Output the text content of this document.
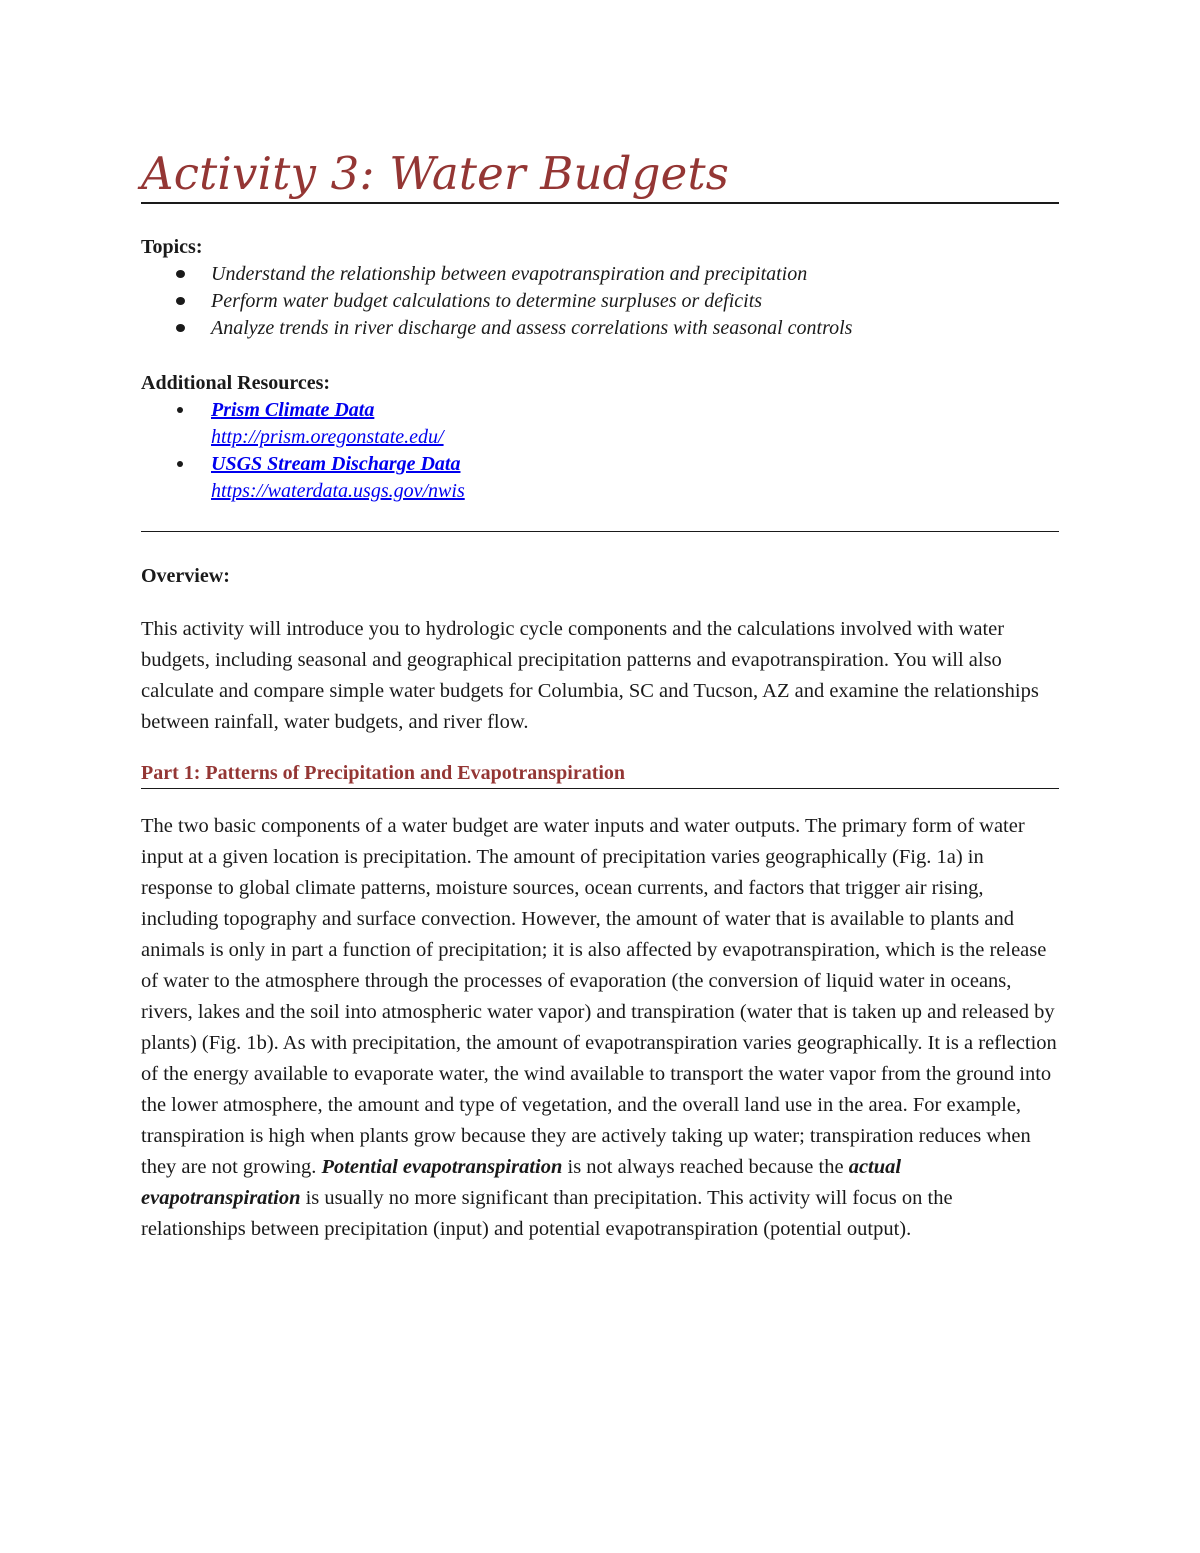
Activity 3: Water Budgets

Topics:

Understand the relationship between evapotranspiration and precipitation
Perform water budget calculations to determine surpluses or deficits
Analyze trends in river discharge and assess correlations with seasonal controls

Additional Resources:

Prism Climate Data
http://prism.oregonstate.edu/
USGS Stream Discharge Data
https://waterdata.usgs.gov/nwis

Overview:

This activity will introduce you to hydrologic cycle components and the calculations involved with water budgets, including seasonal and geographical precipitation patterns and evapotranspiration. You will also calculate and compare simple water budgets for Columbia, SC and Tucson, AZ and examine the relationships between rainfall, water budgets, and river flow.

Part 1: Patterns of Precipitation and Evapotranspiration

The two basic components of a water budget are water inputs and water outputs. The primary form of water input at a given location is precipitation. The amount of precipitation varies geographically (Fig. 1a) in response to global climate patterns, moisture sources, ocean currents, and factors that trigger air rising, including topography and surface convection. However, the amount of water that is available to plants and animals is only in part a function of precipitation; it is also affected by evapotranspiration, which is the release of water to the atmosphere through the processes of evaporation (the conversion of liquid water in oceans, rivers, lakes and the soil into atmospheric water vapor) and transpiration (water that is taken up and released by plants) (Fig. 1b). As with precipitation, the amount of evapotranspiration varies geographically. It is a reflection of the energy available to evaporate water, the wind available to transport the water vapor from the ground into the lower atmosphere, the amount and type of vegetation, and the overall land use in the area. For example, transpiration is high when plants grow because they are actively taking up water; transpiration reduces when they are not growing. Potential evapotranspiration is not always reached because the actual evapotranspiration is usually no more significant than precipitation. This activity will focus on the relationships between precipitation (input) and potential evapotranspiration (potential output).
